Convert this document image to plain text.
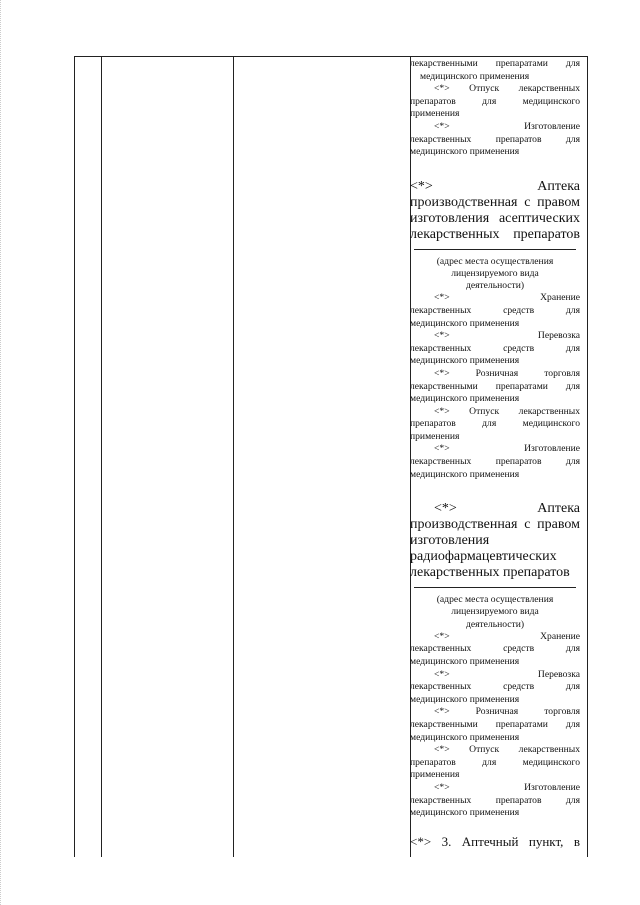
лекарственными препаратами для

медицинского применения

<*> Отпуск лекарственных

препаратов для медицинского

применения

<*> Изготовление

лекарственных препаратов для

медицинского применения

<*> Аптека

производственная с правом

изготовления асептических

лекарственных препаратов

(адрес места осуществления

лицензируемого вида

деятельности)

<*> Хранение

лекарственных средств для

медицинского применения

<*> Перевозка

лекарственных средств для

медицинского применения

<*> Розничная торговля

лекарственными препаратами для

медицинского применения

<*> Отпуск лекарственных

препаратов для медицинского

применения

<*> Изготовление

лекарственных препаратов для

медицинского применения

<*> Аптека

производственная с правом

изготовления

радиофармацевтических

лекарственных препаратов

(адрес места осуществления

лицензируемого вида

деятельности)

<*> Хранение

лекарственных средств для

медицинского применения

<*> Перевозка

лекарственных средств для

медицинского применения

<*> Розничная торговля

лекарственными препаратами для

медицинского применения

<*> Отпуск лекарственных

препаратов для медицинского

применения

<*> Изготовление

лекарственных препаратов для

медицинского применения

<*> 3. Аптечный пункт, в
